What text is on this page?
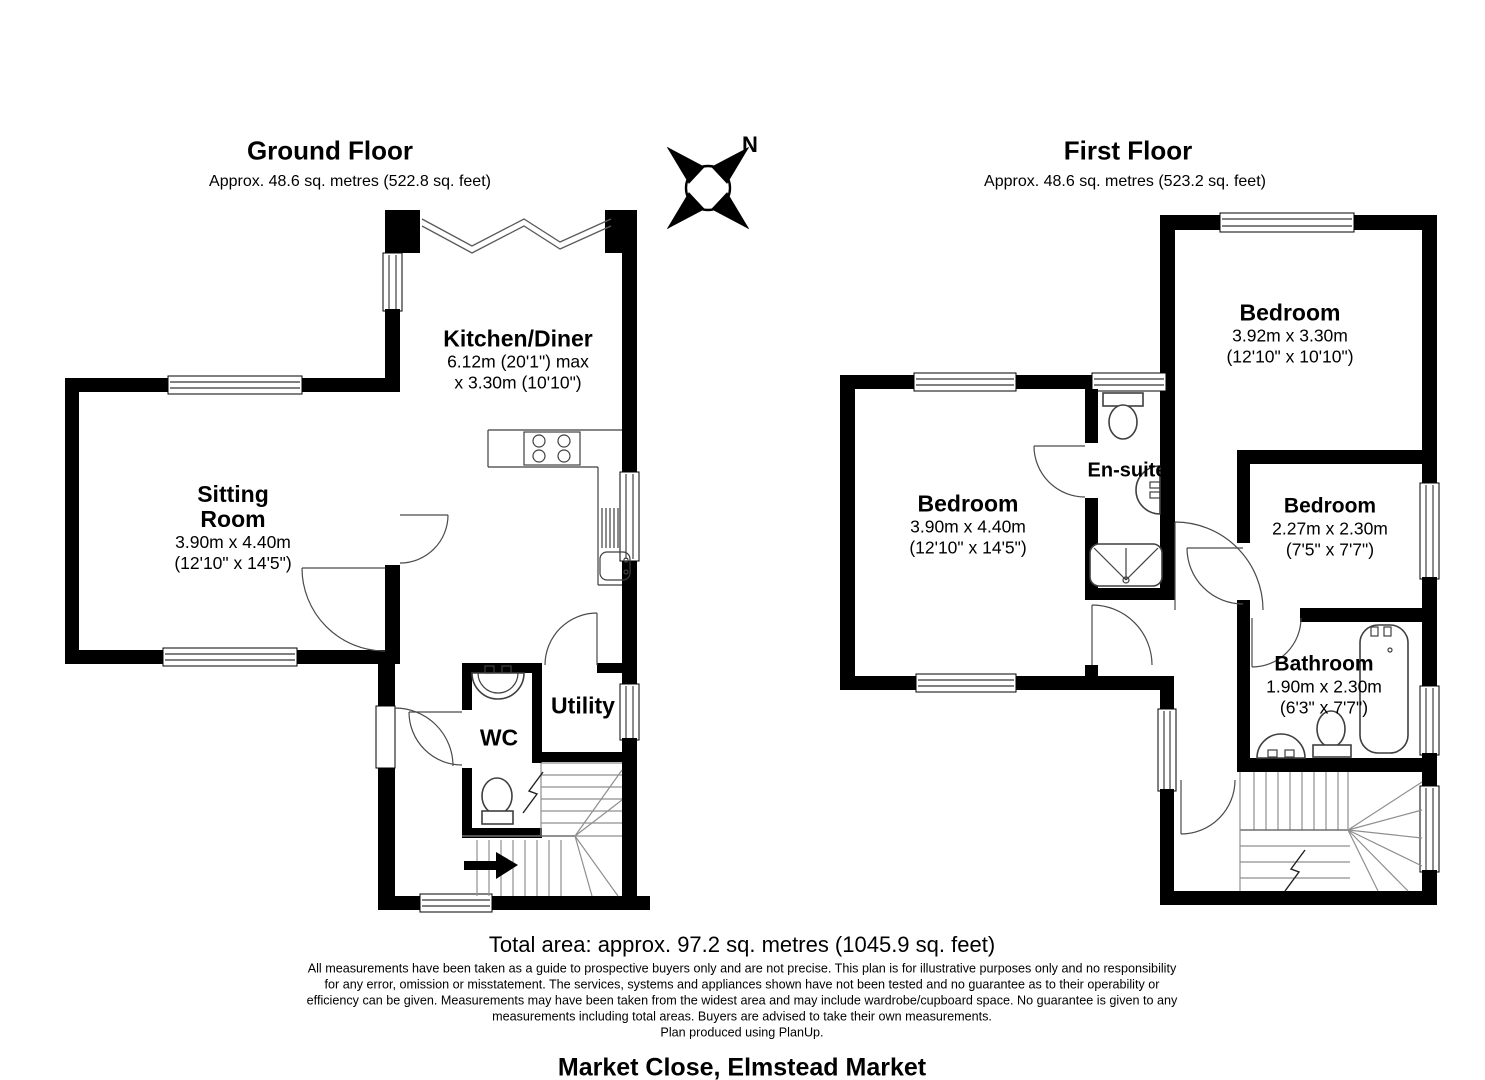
N
Ground Floor
Approx. 48.6 sq. metres (522.8 sq. feet)
First Floor
Approx. 48.6 sq. metres (523.2 sq. feet)
Sitting
Room
3.90m x 4.40m
(12'10" x 14'5")
Kitchen/Diner
6.12m (20'1") max
x 3.30m (10'10")
WC
Utility
Bedroom
3.92m x 3.30m
(12'10" x 10'10")
Bedroom
3.90m x 4.40m
(12'10" x 14'5")
Bedroom
2.27m x 2.30m
(7'5" x 7'7")
En-suite
Bathroom
1.90m x 2.30m
(6'3" x 7'7")
Total area: approx. 97.2 sq. metres (1045.9 sq. feet)
All measurements have been taken as a guide to prospective buyers only and are not precise. This plan is for illustrative purposes only and no responsibility
for any error, omission or misstatement. The services, systems and appliances shown have not been tested and no guarantee as to their operability or
efficiency can be given. Measurements may have been taken from the widest area and may include wardrobe/cupboard space. No guarantee is given to any
measurements including total areas. Buyers are advised to take their own measurements.
Plan produced using PlanUp.
Market Close, Elmstead Market
